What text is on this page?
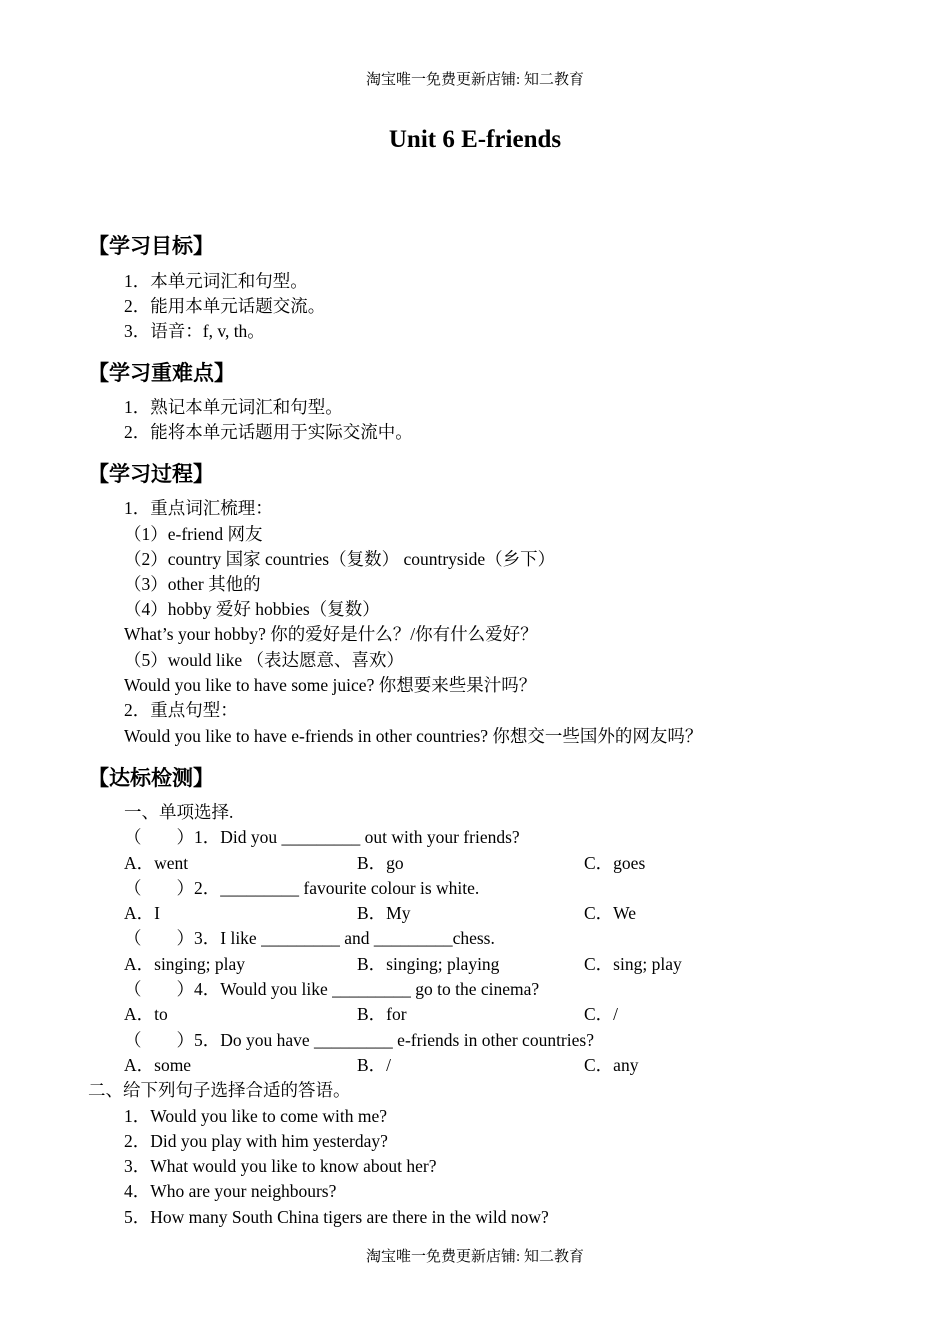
淘宝唯一免费更新店铺: 知二教育
Unit 6 E-friends
【学习目标】
1．本单元词汇和句型。
2．能用本单元话题交流。
3．语音：f, v, th。
【学习重难点】
1．熟记本单元词汇和句型。
2．能将本单元话题用于实际交流中。
【学习过程】
1．重点词汇梳理：
（1）e-friend 网友
（2）country 国家 countries（复数） countryside（乡下）
（3）other 其他的
（4）hobby 爱好 hobbies（复数）
What’s your hobby? 你的爱好是什么？/你有什么爱好？
（5）would like （表达愿意、喜欢）
Would you like to have some juice? 你想要来些果汁吗？
2．重点句型：
Would you like to have e-friends in other countries? 你想交一些国外的网友吗？
【达标检测】
一、单项选择.
（　　）1．Did you _________ out with your friends?
A．went	B．go	C．goes
（　　）2．_________ favourite colour is white.
A．I	B．My	C．We
（　　）3．I like _________ and _________chess.
A．singing; play	B．singing; playing	C．sing; play
（　　）4．Would you like _________ go to the cinema?
A．to	B．for	C．/
（　　）5．Do you have _________ e-friends in other countries?
A．some	B．/	C．any
二、给下列句子选择合适的答语。
1．Would you like to come with me?
2．Did you play with him yesterday?
3．What would you like to know about her?
4．Who are your neighbours?
5．How many South China tigers are there in the wild now?
淘宝唯一免费更新店铺: 知二教育
